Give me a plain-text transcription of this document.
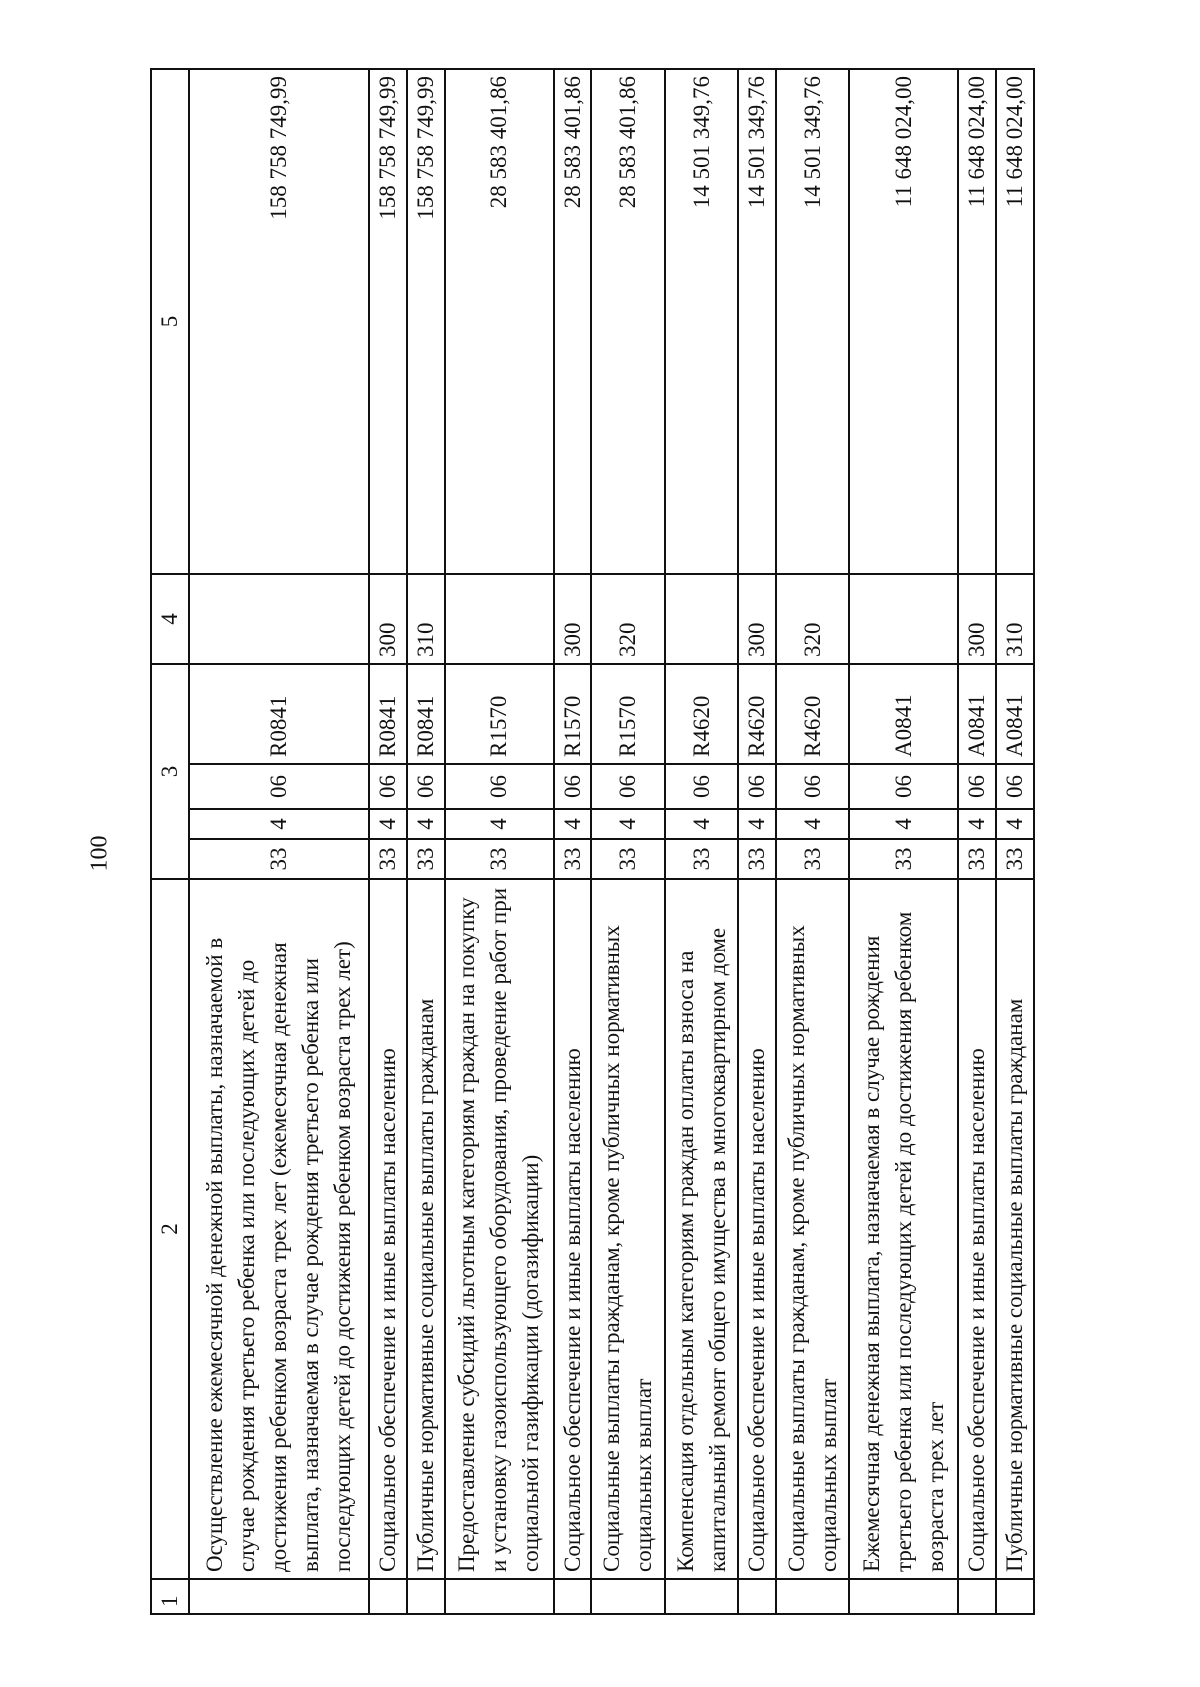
100
1	2	3				4	5
	Осуществление ежемесячной денежной выплаты, назначаемой в случае рождения третьего ребенка или последующих детей до достижения ребенком возраста трех лет (ежемесячная денежная выплата, назначаемая в случае рождения третьего ребенка или последующих детей до достижения ребенком возраста трех лет)	33	4	06	R0841		158 758 749,99
	Социальное обеспечение и иные выплаты населению	33	4	06	R0841	300	158 758 749,99
	Публичные нормативные социальные выплаты гражданам	33	4	06	R0841	310	158 758 749,99
	Предоставление субсидий льготным категориям граждан на покупку и установку газоиспользующего оборудования, проведение работ при социальной газификации (догазификации)	33	4	06	R1570		28 583 401,86
	Социальное обеспечение и иные выплаты населению	33	4	06	R1570	300	28 583 401,86
	Социальные выплаты гражданам, кроме публичных нормативных социальных выплат	33	4	06	R1570	320	28 583 401,86
	Компенсация отдельным категориям граждан оплаты взноса на капитальный ремонт общего имущества в многоквартирном доме	33	4	06	R4620		14 501 349,76
	Социальное обеспечение и иные выплаты населению	33	4	06	R4620	300	14 501 349,76
	Социальные выплаты гражданам, кроме публичных нормативных социальных выплат	33	4	06	R4620	320	14 501 349,76
	Ежемесячная денежная выплата, назначаемая в случае рождения третьего ребенка или последующих детей до достижения ребенком возраста трех лет	33	4	06	A0841		11 648 024,00
	Социальное обеспечение и иные выплаты населению	33	4	06	A0841	300	11 648 024,00
	Публичные нормативные социальные выплаты гражданам	33	4	06	A0841	310	11 648 024,00
